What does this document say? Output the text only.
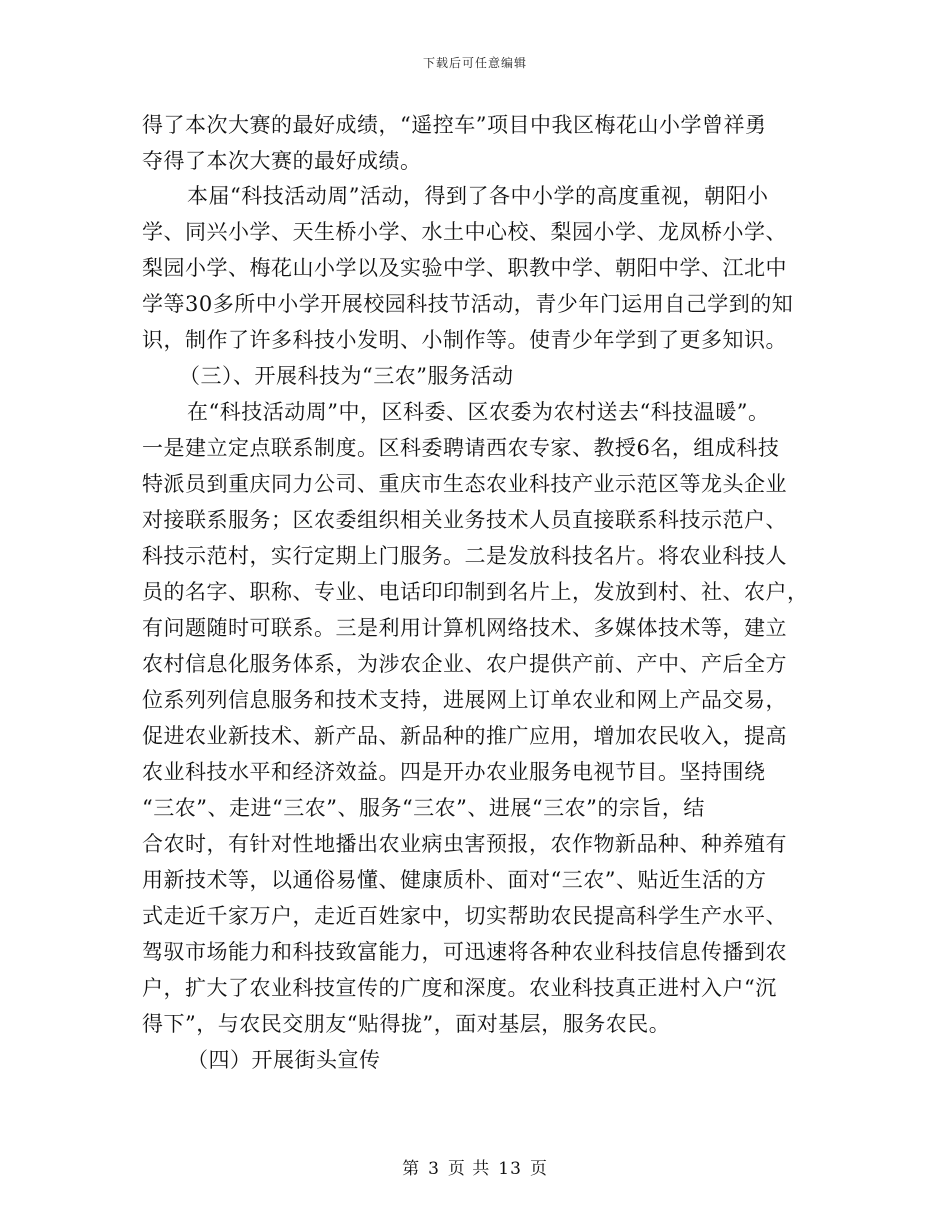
下载后可任意编辑
得了本次大赛的最好成绩，“遥控车”项目中我区梅花山小学曾祥勇
夺得了本次大赛的最好成绩。
本届“科技活动周”活动，得到了各中小学的高度重视，朝阳小
学、同兴小学、天生桥小学、水土中心校、梨园小学、龙凤桥小学、
梨园小学、梅花山小学以及实验中学、职教中学、朝阳中学、江北中
学等30多所中小学开展校园科技节活动，青少年门运用自己学到的知
识，制作了许多科技小发明、小制作等。使青少年学到了更多知识。
（三）、开展科技为“三农”服务活动
在“科技活动周”中，区科委、区农委为农村送去“科技温暖”。
一是建立定点联系制度。区科委聘请西农专家、教授6名，组成科技
特派员到重庆同力公司、重庆市生态农业科技产业示范区等龙头企业
对接联系服务；区农委组织相关业务技术人员直接联系科技示范户、
科技示范村，实行定期上门服务。二是发放科技名片。将农业科技人
员的名字、职称、专业、电话印印制到名片上，发放到村、社、农户，
有问题随时可联系。三是利用计算机网络技术、多媒体技术等，建立
农村信息化服务体系，为涉农企业、农户提供产前、产中、产后全方
位系列列信息服务和技术支持，进展网上订单农业和网上产品交易，
促进农业新技术、新产品、新品种的推广应用，增加农民收入，提高
农业科技水平和经济效益。四是开办农业服务电视节目。坚持围绕
“三农”、走进“三农”、服务“三农”、进展“三农”的宗旨，结
合农时，有针对性地播出农业病虫害预报，农作物新品种、种养殖有
用新技术等，以通俗易懂、健康质朴、面对“三农”、贴近生活的方
式走近千家万户，走近百姓家中，切实帮助农民提高科学生产水平、
驾驭市场能力和科技致富能力，可迅速将各种农业科技信息传播到农
户，扩大了农业科技宣传的广度和深度。农业科技真正进村入户“沉
得下”，与农民交朋友“贴得拢”，面对基层，服务农民。
（四）开展街头宣传
第 3 页 共 13 页
